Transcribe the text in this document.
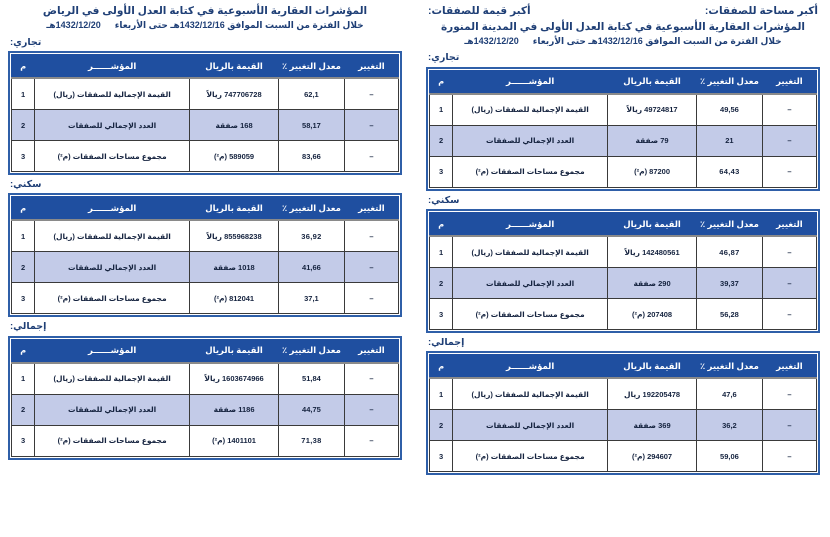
المؤشرات العقارية الأسبوعية في كتابة العدل الأولى في الرياض
خلال الفترة من السبت الموافق 1432/12/16هـ حتى الأربعاء1432/12/20هـ
تجاري:
التغيير	معدل التغيير ٪	القيمة بالريال	المؤشــــــر	م
–	62,1	747706728 ريالاً	القيمة الإجمالية للصفقات (ريال)	1
–	58,17	168 صفقة	العدد الإجمالي للصفقات	2
–	83,66	589059 (م²)	مجموع مساحات الصفقات (م²)	3
سكني:
التغيير	معدل التغيير ٪	القيمة بالريال	المؤشــــــر	م
–	36,92	855968238 ريالاً	القيمة الإجمالية للصفقات (ريال)	1
–	41,66	1018 صفقة	العدد الإجمالي للصفقات	2
–	37,1	812041 (م²)	مجموع مساحات الصفقات (م²)	3
إجمالي:
التغيير	معدل التغيير ٪	القيمة بالريال	المؤشــــــر	م
–	51,84	1603674966 ريالاً	القيمة الإجمالية للصفقات (ريال)	1
–	44,75	1186 صفقة	العدد الإجمالي للصفقات	2
–	71,38	1401101 (م²)	مجموع مساحات الصفقات (م²)	3
أكبر مساحة للصفقات:
أكبر قيمة للصفقات:
المؤشرات العقارية الأسبوعية في كتابة العدل الأولى في المدينة المنورة
خلال الفترة من السبت الموافق 1432/12/16هـ حتى الأربعاء1432/12/20هـ
تجاري:
التغيير	معدل التغيير ٪	القيمة بالريال	المؤشــــــر	م
–	49,56	49724817 ريالاً	القيمة الإجمالية للصفقات (ريال)	1
–	21	79 صفقة	العدد الإجمالي للصفقات	2
–	64,43	87200 (م²)	مجموع مساحات الصفقات (م²)	3
سكني:
التغيير	معدل التغيير ٪	القيمة بالريال	المؤشــــــر	م
–	46,87	142480561 ريالاً	القيمة الإجمالية للصفقات (ريال)	1
–	39,37	290 صفقة	العدد الإجمالي للصفقات	2
–	56,28	207408 (م²)	مجموع مساحات الصفقات (م²)	3
إجمالي:
التغيير	معدل التغيير ٪	القيمة بالريال	المؤشــــــر	م
–	47,6	192205478 ريال	القيمة الإجمالية للصفقات (ريال)	1
–	36,2	369 صفقة	العدد الإجمالي للصفقات	2
–	59,06	294607 (م²)	مجموع مساحات الصفقات (م²)	3
